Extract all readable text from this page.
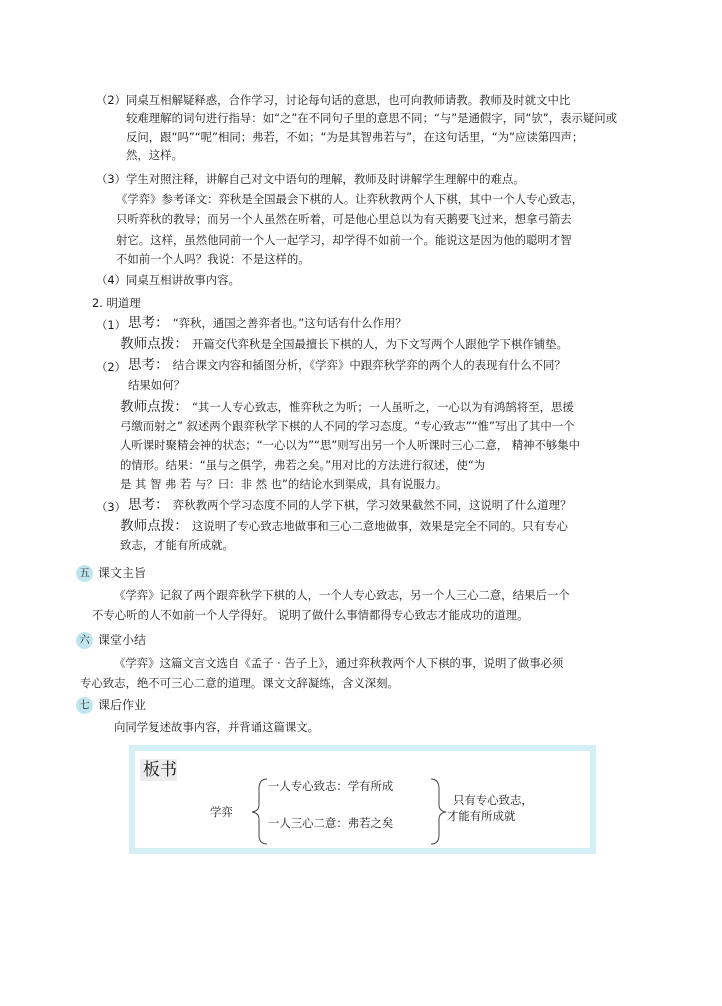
（2） 同桌互相解疑释惑，合作学习，讨论每句话的意思，也可向教师请教。教师及时就文中比
较难理解的词句进行指导：如“之”在不同句子里的意思不同；“与”是通假字，同“欤”，表示疑问或
反问，跟“吗”“呢”相同；弗若，不如；“为是其智弗若与”，在这句话里，“为”应读第四声；
然，这样。
（3） 学生对照注释，讲解自己对文中语句的理解，教师及时讲解学生理解中的难点。
《学弈》参考译文：弈秋是全国最会下棋的人。让弈秋教两个人下棋，其中一个人专心致志，
只听弈秋的教导；而另一个人虽然在听着，可是他心里总以为有天鹅要飞过来，想拿弓箭去
射它。这样，虽然他同前一个人一起学习，却学得不如前一个。能说这是因为他的聪明才智
不如前一个人吗？我说：不是这样的。
（4） 同桌互相讲故事内容。
2. 明道理
（1） 思考： “弈秋，通国之善弈者也。”这句话有什么作用？
教师点拨： 开篇交代弈秋是全国最擅长下棋的人，为下文写两个人跟他学下棋作铺垫。
（2） 思考： 结合课文内容和插图分析，《学弈》中跟弈秋学弈的两个人的表现有什么不同？
结果如何？
教师点拨： “其一人专心致志，惟弈秋之为听；一人虽听之，一心以为有鸿鹄将至，思援
弓缴而射之” 叙述两个跟弈秋学下棋的人不同的学习态度。“专心致志”“惟”写出了其中一个
人听课时聚精会神的状态；“一心以为”“思”则写出另一个人听课时三心二意， 精神不够集中
的情形。结果：“虽与之俱学，弗若之矣。”用对比的方法进行叙述，使“为
是 其 智 弗 若 与？曰：非 然 也”的结论水到渠成，具有说服力。
（3） 思考： 弈秋教两个学习态度不同的人学下棋，学习效果截然不同，这说明了什么道理？
教师点拨： 这说明了专心致志地做事和三心二意地做事，效果是完全不同的。只有专心
致志，才能有所成就。
五 课文主旨
《学弈》记叙了两个跟弈秋学下棋的人，一个人专心致志，另一个人三心二意，结果后一个
不专心听的人不如前一个人学得好。 说明了做什么事情都得专心致志才能成功的道理。
六 课堂小结
《学弈》这篇文言文选自《孟子 · 告子上》，通过弈秋教两个人下棋的事，说明了做事必须
专心致志，绝不可三心二意的道理。课文文辞凝练，含义深刻。
七 课后作业
向同学复述故事内容，并背诵这篇课文。
板书
学弈
一人专心致志：学有所成
一人三心二意：弗若之矣
只有专心致志，
才能有所成就
